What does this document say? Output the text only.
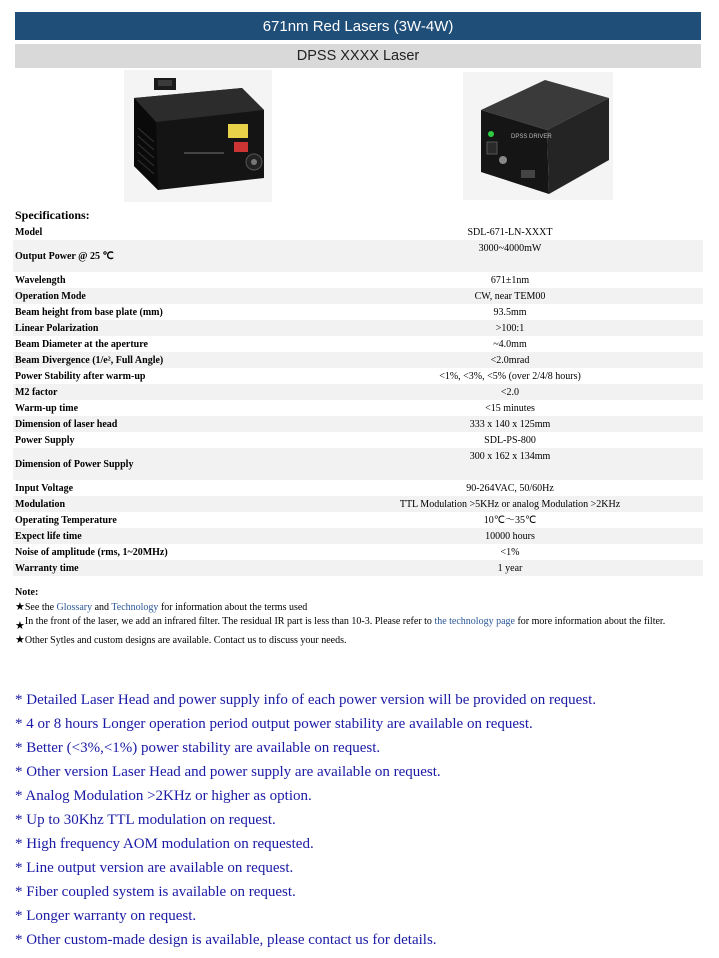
671nm Red Lasers (3W-4W)
DPSS XXXX Laser
DPSS DRIVER
Specifications:
Model	SDL-671-LN-XXXT
Output Power @ 25 ℃	3000~4000mW
Wavelength	671±1nm
Operation Mode	CW, near TEM00
Beam height from base plate (mm)	93.5mm
Linear Polarization	>100:1
Beam Diameter at the aperture	~4.0mm
Beam Divergence (1/e², Full Angle)	<2.0mrad
Power Stability after warm-up	<1%, <3%, <5% (over 2/4/8 hours)
M2 factor	<2.0
Warm-up time	<15 minutes
Dimension of laser head	333 x 140 x 125mm
Power Supply	SDL-PS-800
Dimension of Power Supply	300 x 162 x 134mm
Input Voltage	90-264VAC, 50/60Hz
Modulation	TTL Modulation >5KHz or analog Modulation >2KHz
Operating Temperature	10℃～35℃
Expect life time	10000 hours
Noise of amplitude (rms, 1~20MHz)	<1%
Warranty time	1 year
Note:
★See the Glossary and Technology for information about the terms used
★ In the front of the laser, we add an infrared filter. The residual IR part is less than 10-3. Please refer to the technology page for more information about the filter.
★Other Sytles and custom designs are available. Contact us to discuss your needs.
* Detailed Laser Head and power supply info of each power version will be provided on request.
* 4 or 8 hours Longer operation period output power stability are available on request.
* Better (<3%,<1%) power stability are available on request.
* Other version Laser Head and power supply are available on request.
* Analog Modulation >2KHz or higher as option.
* Up to 30Khz TTL modulation on request.
* High frequency AOM modulation on requested.
* Line output version are available on request.
* Fiber coupled system is available on request.
* Longer warranty on request.
* Other custom-made design is available, please contact us for details.
